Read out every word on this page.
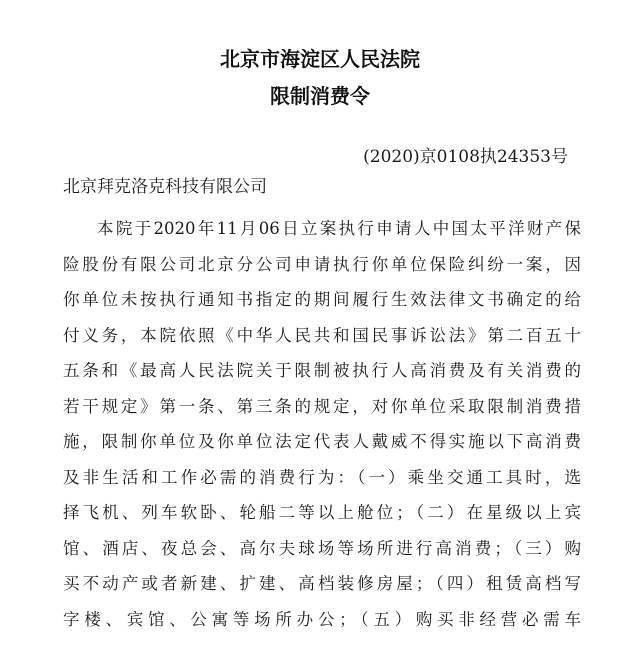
北京市海淀区人民法院
限制消费令
(2020)京0108执24353号
北京拜克洛克科技有限公司
本院于2020年11月06日立案执行申请人中国太平洋财产保
险股份有限公司北京分公司申请执行你单位保险纠纷一案，因
你单位未按执行通知书指定的期间履行生效法律文书确定的给
付义务，本院依照《中华人民共和国民事诉讼法》第二百五十
五条和《最高人民法院关于限制被执行人高消费及有关消费的
若干规定》第一条、第三条的规定，对你单位采取限制消费措
施，限制你单位及你单位法定代表人戴威不得实施以下高消费
及非生活和工作必需的消费行为：（一）乘坐交通工具时，选
择飞机、列车软卧、轮船二等以上舱位；（二）在星级以上宾
馆、酒店、夜总会、高尔夫球场等场所进行高消费；（三）购
买不动产或者新建、扩建、高档装修房屋；（四）租赁高档写
字楼、宾馆、公寓等场所办公；（五）购买非经营必需车
